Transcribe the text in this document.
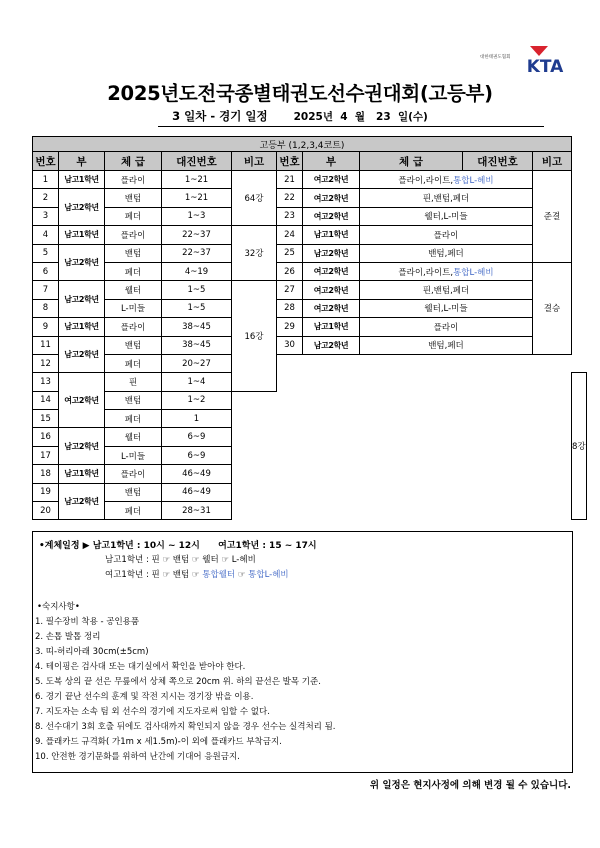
대한태권도협회 KTA
2025년도전국종별태권도선수권대회(고등부)
3 일차 - 경기 일정 2025년  4  월   23  일(수)
고등부 (1,2,3,4코트)										
번호	부	체 급	대진번호	비고	번호	부	체 급	대진번호	비고	
1	남고1학년	플라이	1~21	64강	21	여고2학년	플라이,라이트,통합L-헤비		준결	
2	남고2학년	밴텀	1~21		22	여고2학년	핀,밴텀,페더			
3		페더	1~3		23	여고2학년	웰터,L-미들			
4	남고1학년	플라이	22~37	32강	24	남고1학년	플라이			
5	남고2학년	밴텀	22~37		25	남고2학년	밴텀,페더			
6		페더	4~19		26	여고2학년	플라이,라이트,통합L-헤비		결승	
7	남고2학년	웰터	1~5	16강	27	여고2학년	핀,밴텀,페더			
8		L-미들	1~5		28	여고2학년	웰터,L-미들			
9	남고1학년	플라이	38~45		29	남고1학년	플라이			
11	남고2학년	밴텀	38~45		30	남고2학년	밴텀,페더			
12		페더	20~27							
13	여고2학년	핀	1~4							8강
14		밴텀	1~2							
15		페더	1							
16	남고2학년	웰터	6~9							
17		L-미들	6~9							
18	남고1학년	플라이	46~49							
19	남고2학년	밴텀	46~49							
20		페더	28~31							
•계체일정 ▶ 남고1학년 : 10시 ~ 12시 여고1학년 : 15 ~ 17시
남고1학년 : 핀 ☞ 밴텀 ☞ 웰터 ☞ L-헤비
여고1학년 : 핀 ☞ 밴텀 ☞ 통합웰터 ☞ 통합L-헤비
•숙지사항•
1. 필수장비 착용 - 공인용품
2. 손톱 발톱 정리
3. 띠-허리아래 30cm(±5cm)
4. 테이핑은 검사대 또는 대기실에서 확인을 받아야 한다.
5. 도복 상의 끝 선은 무릎에서 상체 쪽으로 20cm 위. 하의 끝선은 발목 기준.
6. 경기 끝난 선수의 훈계 및 작전 지시는 경기장 밖을 이용.
7. 지도자는 소속 팀 외 선수의 경기에 지도자로써 임할 수 없다.
8. 선수대기 3회 호출 뒤에도 검사대까지 확인되지 않을 경우 선수는 실격처리 됨.
9. 플래카드 규격화( 가1m x 세1.5m)-이 외에 플래카드 부착금지.
10. 안전한 경기문화를 위하여 난간에 기대어 응원금지.
위 일정은 현지사정에 의해 변경 될 수 있습니다.
